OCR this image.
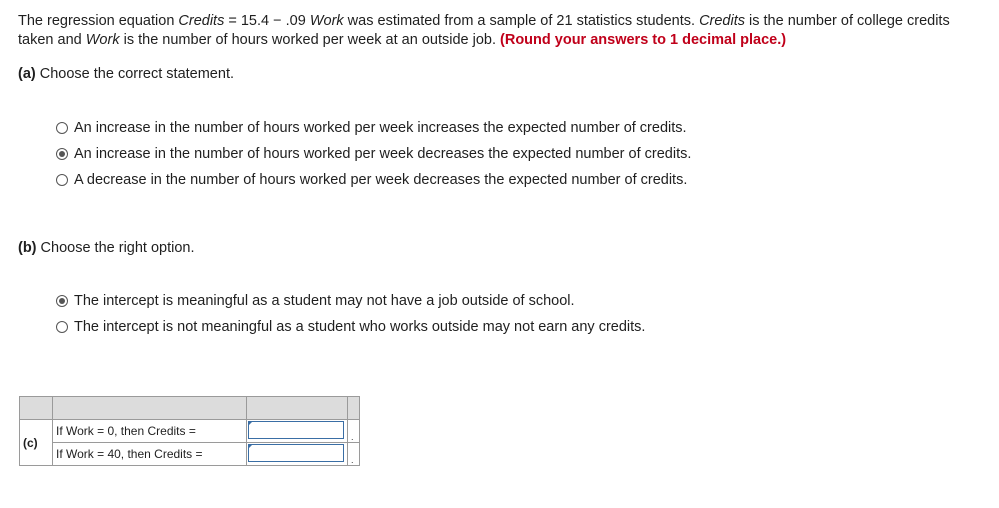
The regression equation Credits = 15.4 − .09 Work was estimated from a sample of 21 statistics students. Credits is the number of college credits taken and Work is the number of hours worked per week at an outside job. (Round your answers to 1 decimal place.)
(a) Choose the correct statement.
An increase in the number of hours worked per week increases the expected number of credits.
An increase in the number of hours worked per week decreases the expected number of credits.
A decrease in the number of hours worked per week decreases the expected number of credits.
(b) Choose the right option.
The intercept is meaningful as a student may not have a job outside of school.
The intercept is not meaningful as a student who works outside may not earn any credits.

(c)	If Work = 0, then Credits =		.

	If Work = 40, then Credits =		.
